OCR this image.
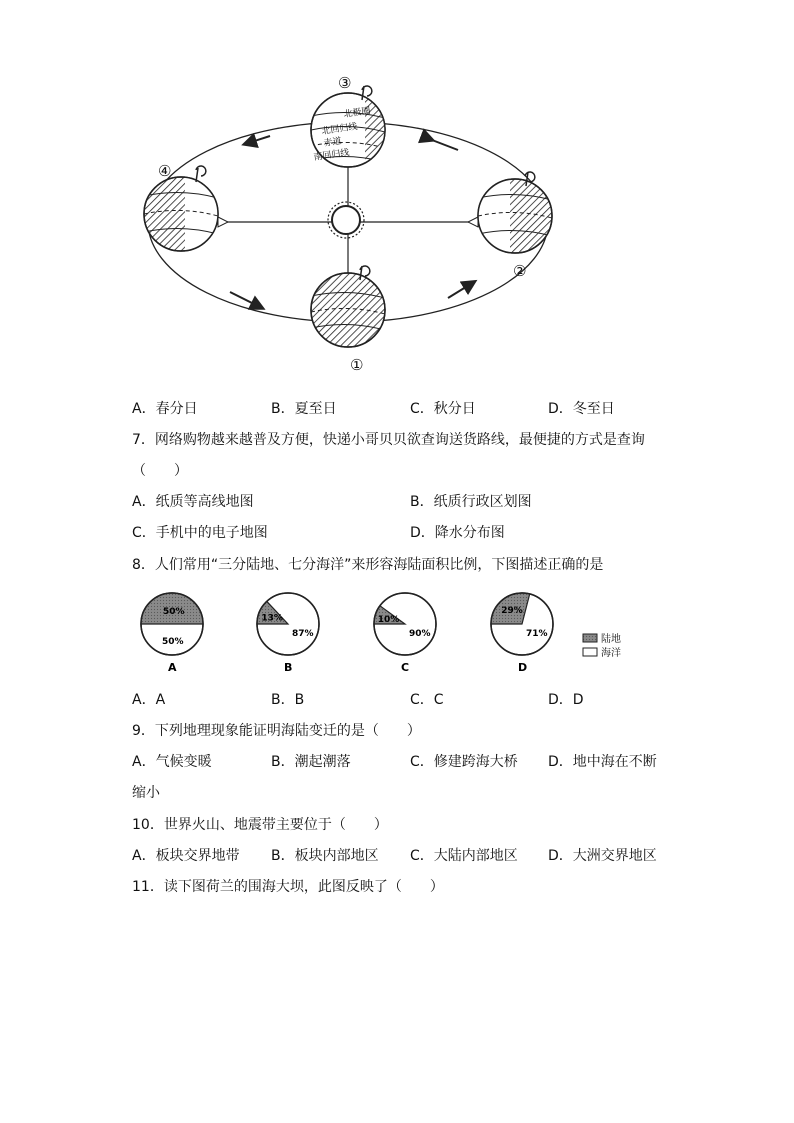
北极圈
北回归线
赤道
南回归线
③
④
②
①
A．春分日	B．夏至日	C．秋分日	D．冬至日
7．网络购物越来越普及方便，快递小哥贝贝欲查询送货路线，最便捷的方式是查询
（　　）
A．纸质等高线地图	B．纸质行政区划图
C．手机中的电子地图	D．降水分布图
8．人们常用“三分陆地、七分海洋”来形容海陆面积比例，下图描述正确的是
50%
50%
A
13%
87%
B
10%
90%
C
29%
71%
D
陆地
海洋
A．A	B．B	C．C	D．D
9．下列地理现象能证明海陆变迁的是（　　）
A．气候变暖	B．潮起潮落	C．修建跨海大桥 D．地中海在不断
缩小
10．世界火山、地震带主要位于（　　）
A．板块交界地带 B．板块内部地区 C．大陆内部地区 D．大洲交界地区
11．读下图荷兰的围海大坝，此图反映了（　　）
